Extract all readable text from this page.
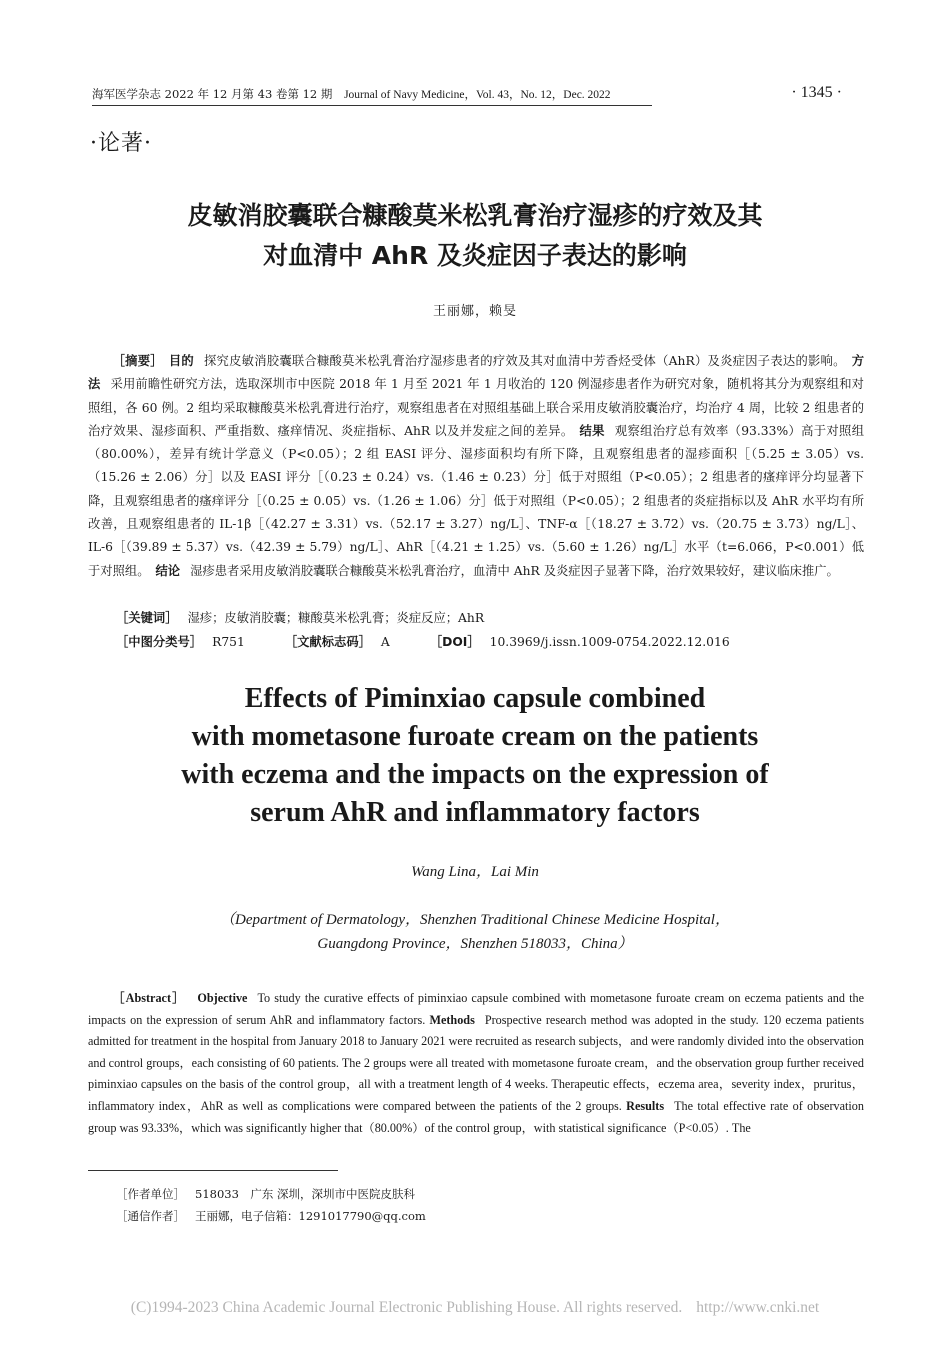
海军医学杂志 2022 年 12 月第 43 卷第 12 期 Journal of Navy Medicine，Vol. 43，No. 12，Dec. 2022	· 1345 ·
·论著·
皮敏消胶囊联合糠酸莫米松乳膏治疗湿疹的疗效及其
对血清中 AhR 及炎症因子表达的影响
王丽娜，赖旻

［摘要］ 目的 探究皮敏消胶囊联合糠酸莫米松乳膏治疗湿疹患者的疗效及其对血清中芳香烃受体（AhR）及炎症因子表达的影响。 方法 采用前瞻性研究方法，选取深圳市中医院 2018 年 1 月至 2021 年 1 月收治的 120 例湿疹患者作为研究对象，随机将其分为观察组和对照组，各 60 例。2 组均采取糠酸莫米松乳膏进行治疗，观察组患者在对照组基础上联合采用皮敏消胶囊治疗，均治疗 4 周，比较 2 组患者的治疗效果、湿疹面积、严重指数、瘙痒情况、炎症指标、AhR 以及并发症之间的差异。 结果 观察组治疗总有效率（93.33%）高于对照组（80.00%），差异有统计学意义（P<0.05）；2 组 EASI 评分、湿疹面积均有所下降，且观察组患者的湿疹面积［（5.25 ± 3.05）vs.（15.26 ± 2.06）分］以及 EASI 评分［（0.23 ± 0.24）vs.（1.46 ± 0.23）分］低于对照组（P<0.05）；2 组患者的瘙痒评分均显著下降，且观察组患者的瘙痒评分［（0.25 ± 0.05）vs.（1.26 ± 1.06）分］低于对照组（P<0.05）；2 组患者的炎症指标以及 AhR 水平均有所改善，且观察组患者的 IL-1β［（42.27 ± 3.31）vs.（52.17 ± 3.27）ng/L］、TNF-α［（18.27 ± 3.72）vs.（20.75 ± 3.73）ng/L］、IL-6［（39.89 ± 5.37）vs.（42.39 ± 5.79）ng/L］、AhR［（4.21 ± 1.25）vs.（5.60 ± 1.26）ng/L］水平（t=6.066，P<0.001）低于对照组。 结论 湿疹患者采用皮敏消胶囊联合糠酸莫米松乳膏治疗，血清中 AhR 及炎症因子显著下降，治疗效果较好，建议临床推广。

［关键词］ 湿疹；皮敏消胶囊；糠酸莫米松乳膏；炎症反应；AhR
［中图分类号］ R751	［文献标志码］ A	［DOI］ 10.3969/j.issn.1009-0754.2022.12.016
Effects of Piminxiao capsule combined
with mometasone furoate cream on the patients
with eczema and the impacts on the expression of
serum AhR and inflammatory factors
Wang Lina，Lai Min
（Department of Dermatology，Shenzhen Traditional Chinese Medicine Hospital，
Guangdong Province，Shenzhen 518033，China）

［Abstract］ Objective To study the curative effects of piminxiao capsule combined with mometasone furoate cream on eczema patients and the impacts on the expression of serum AhR and inflammatory factors. Methods Prospective research method was adopted in the study. 120 eczema patients admitted for treatment in the hospital from January 2018 to January 2021 were recruited as research subjects，and were randomly divided into the observation and control groups，each consisting of 60 patients. The 2 groups were all treated with mometasone furoate cream，and the observation group further received piminxiao capsules on the basis of the control group，all with a treatment length of 4 weeks. Therapeutic effects，eczema area，severity index，pruritus，inflammatory index，AhR as well as complications were compared between the patients of the 2 groups. Results The total effective rate of observation group was 93.33%，which was significantly higher that（80.00%）of the control group，with statistical significance（P<0.05）. The

［作者单位］ 518033　广东 深圳，深圳市中医院皮肤科
［通信作者］ 王丽娜，电子信箱：1291017790@qq.com
(C)1994-2023 China Academic Journal Electronic Publishing House. All rights reserved. http://www.cnki.net
